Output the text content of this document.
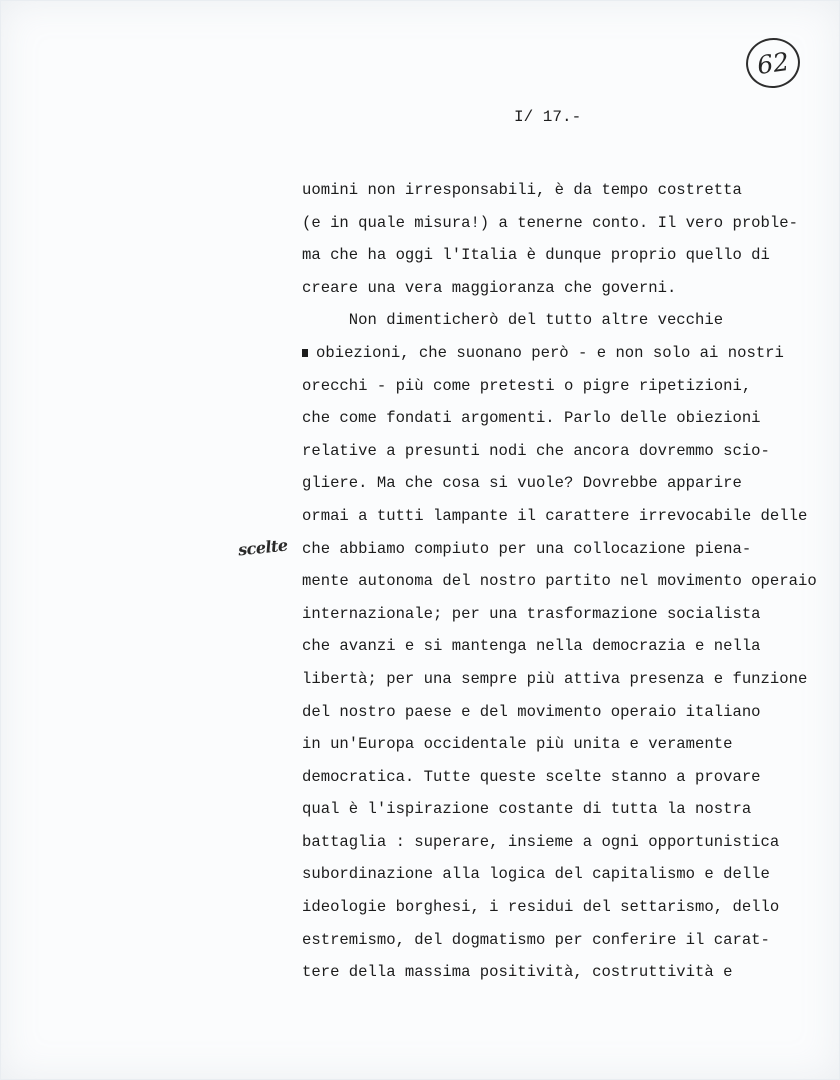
62
I/ 17.-
scelte
uomini non irresponsabili, è da tempo costretta
(e in quale misura!) a tenerne conto. Il vero proble-
ma che ha oggi l'Italia è dunque proprio quello di
creare una vera maggioranza che governi.
Non dimenticherò del tutto altre vecchie
obiezioni, che suonano però - e non solo ai nostri
orecchi - più come pretesti o pigre ripetizioni,
che come fondati argomenti. Parlo delle obiezioni
relative a presunti nodi che ancora dovremmo scio-
gliere. Ma che cosa si vuole? Dovrebbe apparire
ormai a tutti lampante il carattere irrevocabile delle
che abbiamo compiuto per una collocazione piena-
mente autonoma del nostro partito nel movimento operaio
internazionale; per una trasformazione socialista
che avanzi e si mantenga nella democrazia e nella
libertà; per una sempre più attiva presenza e funzione
del nostro paese e del movimento operaio italiano
in un'Europa occidentale più unita e veramente
democratica. Tutte queste scelte stanno a provare
qual è l'ispirazione costante di tutta la nostra
battaglia : superare, insieme a ogni opportunistica
subordinazione alla logica del capitalismo e delle
ideologie borghesi, i residui del settarismo, dello
estremismo, del dogmatismo per conferire il carat-
tere della massima positività, costruttività e
